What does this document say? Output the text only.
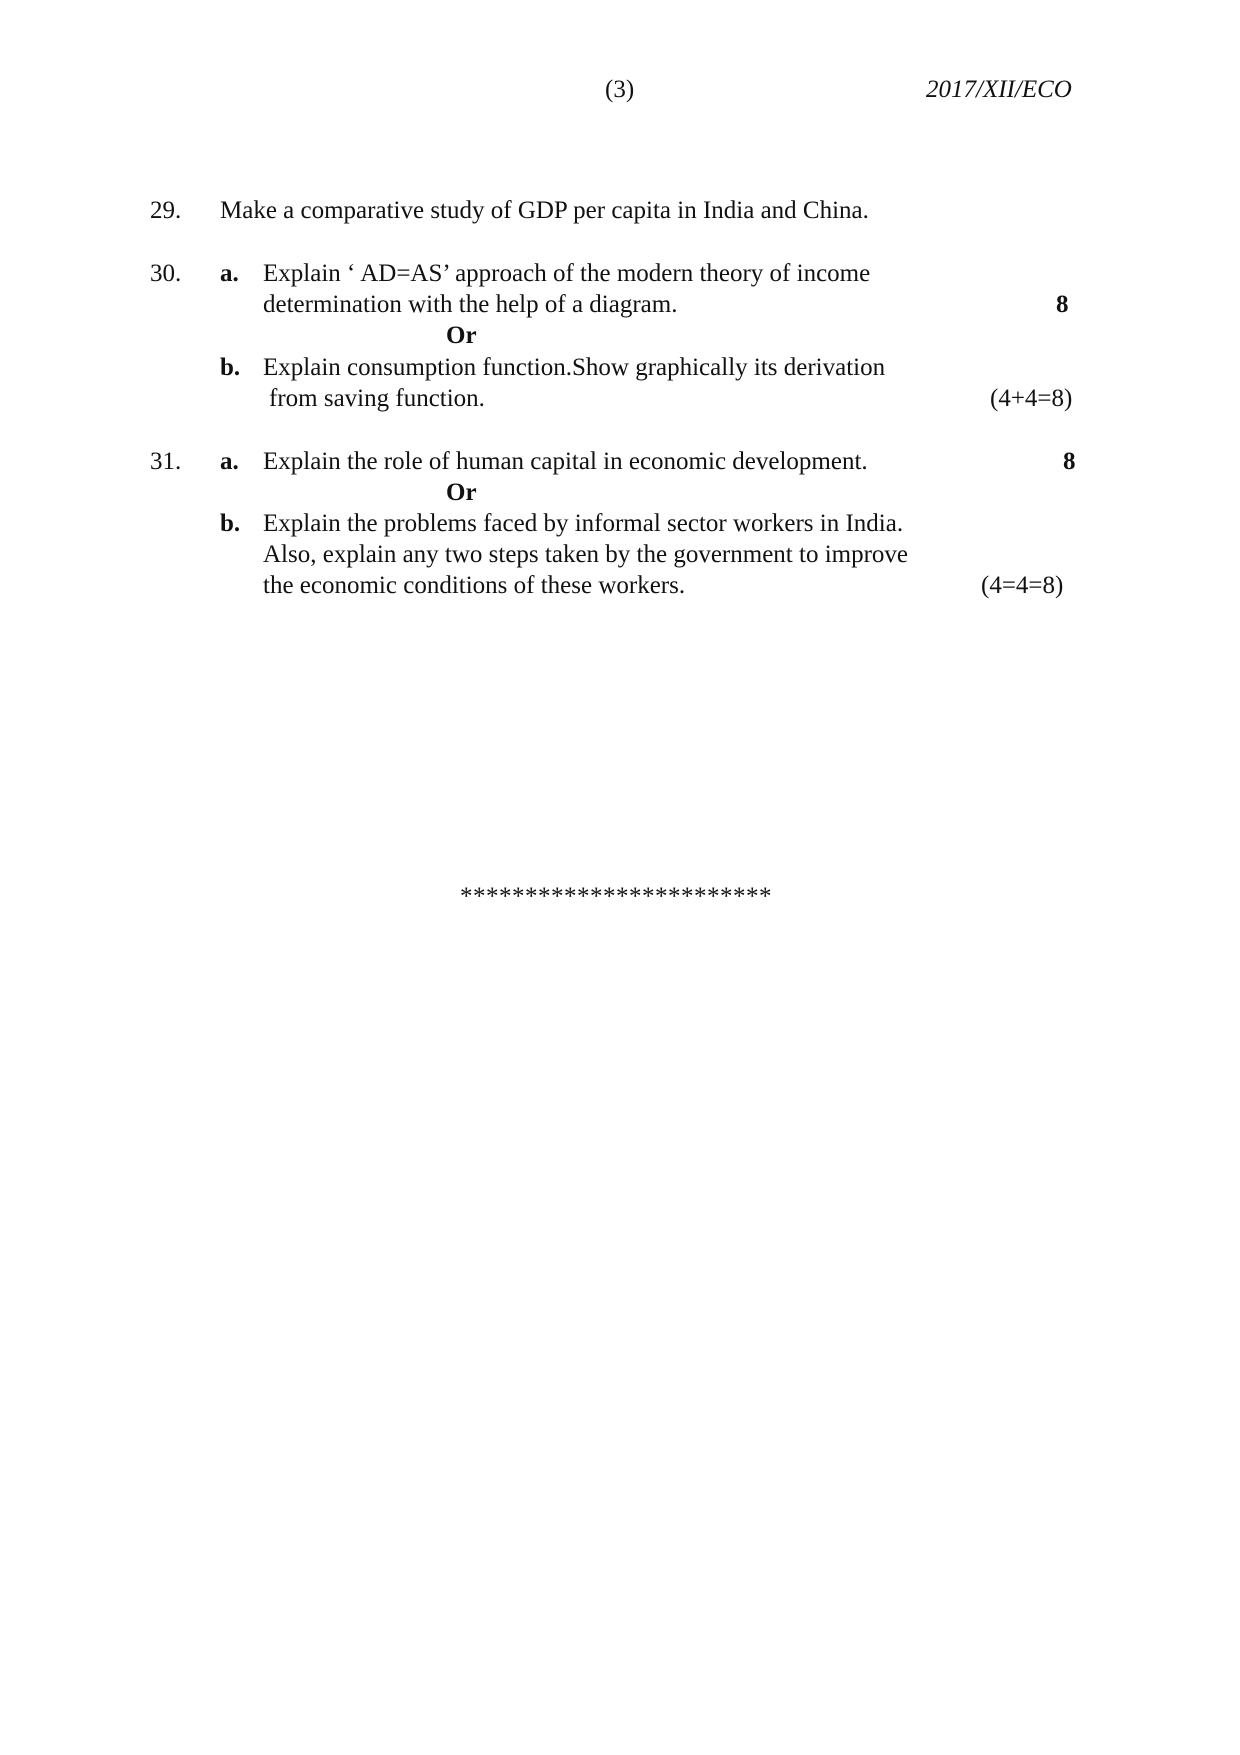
(3)	2017/XII/ECO
29. Make a comparative study of GDP per capita in India and China.
30. a. Explain ‘ AD=AS’ approach of the modern theory of income
determination with the help of a diagram.	8
Or
b. Explain consumption function.Show graphically its derivation
from saving function.	(4+4=8)
31. a. Explain the role of human capital in economic development.	8
Or
b. Explain the problems faced by informal sector workers in India.
Also, explain any two steps taken by the government to improve
the economic conditions of these workers.	(4=4=8)
************************
